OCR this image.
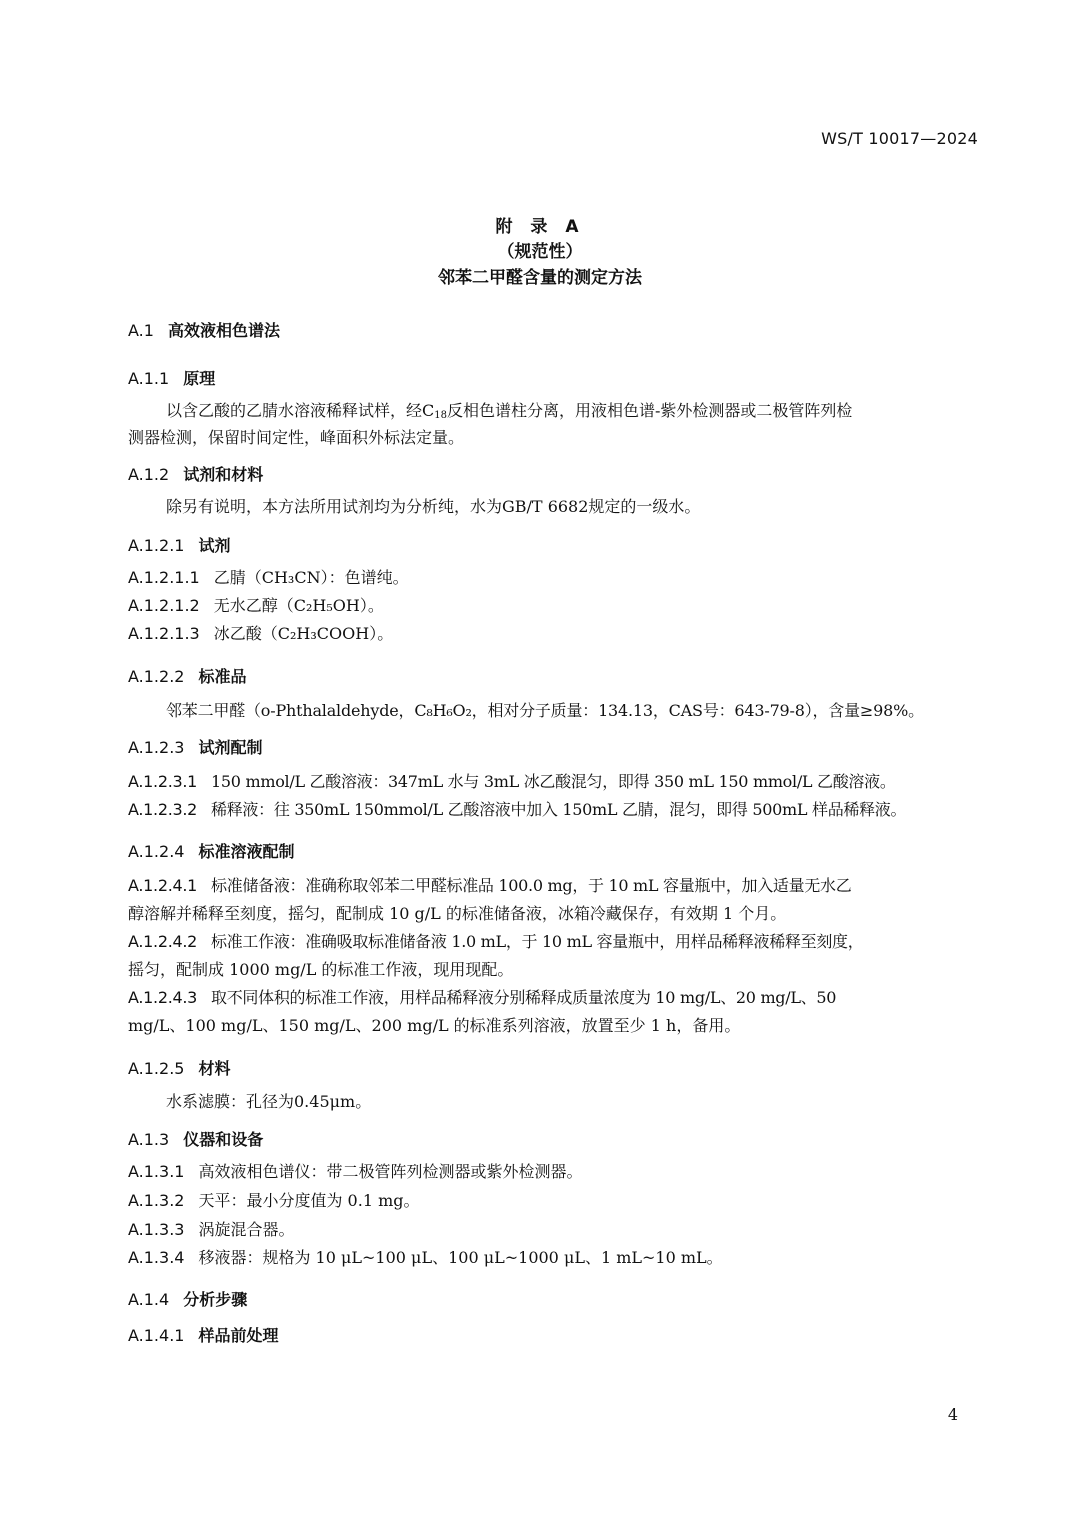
WS/T 10017—2024
附 录 A
（规范性）
邻苯二甲醛含量的测定方法
A.1 高效液相色谱法
A.1.1 原理
以含乙酸的乙腈水溶液稀释试样，经$C_{18}$反相色谱柱分离，用液相色谱-紫外检测器或二极管阵列检
测器检测，保留时间定性，峰面积外标法定量。
A.1.2 试剂和材料
除另有说明，本方法所用试剂均为分析纯，水为GB/T 6682规定的一级水。
A.1.2.1 试剂
A.1.2.1.1 乙腈（CH₃CN）：色谱纯。
A.1.2.1.2 无水乙醇（C₂H₅OH）。
A.1.2.1.3 冰乙酸（C₂H₃COOH）。
A.1.2.2 标准品
邻苯二甲醛（o-Phthalaldehyde，C₈H₆O₂，相对分子质量：134.13，CAS号：643-79-8），含量≥98%。
A.1.2.3 试剂配制
A.1.2.3.1 150 mmol/L 乙酸溶液：347mL 水与 3mL 冰乙酸混匀，即得 350 mL 150 mmol/L 乙酸溶液。
A.1.2.3.2 稀释液：往 350mL 150mmol/L 乙酸溶液中加入 150mL 乙腈，混匀，即得 500mL 样品稀释液。
A.1.2.4 标准溶液配制
A.1.2.4.1 标准储备液：准确称取邻苯二甲醛标准品 100.0 mg，于 10 mL 容量瓶中，加入适量无水乙
醇溶解并稀释至刻度，摇匀，配制成 10 g/L 的标准储备液，冰箱冷藏保存，有效期 1 个月。
A.1.2.4.2 标准工作液：准确吸取标准储备液 1.0 mL，于 10 mL 容量瓶中，用样品稀释液稀释至刻度，
摇匀，配制成 1000 mg/L 的标准工作液，现用现配。
A.1.2.4.3 取不同体积的标准工作液，用样品稀释液分别稀释成质量浓度为 10 mg/L、20 mg/L、50
mg/L、100 mg/L、150 mg/L、200 mg/L 的标准系列溶液，放置至少 1 h，备用。
A.1.2.5 材料
水系滤膜：孔径为0.45μm。
A.1.3 仪器和设备
A.1.3.1 高效液相色谱仪：带二极管阵列检测器或紫外检测器。
A.1.3.2 天平：最小分度值为 0.1 mg。
A.1.3.3 涡旋混合器。
A.1.3.4 移液器：规格为 10 μL~100 μL、100 μL~1000 μL、1 mL~10 mL。
A.1.4 分析步骤
A.1.4.1 样品前处理
4
